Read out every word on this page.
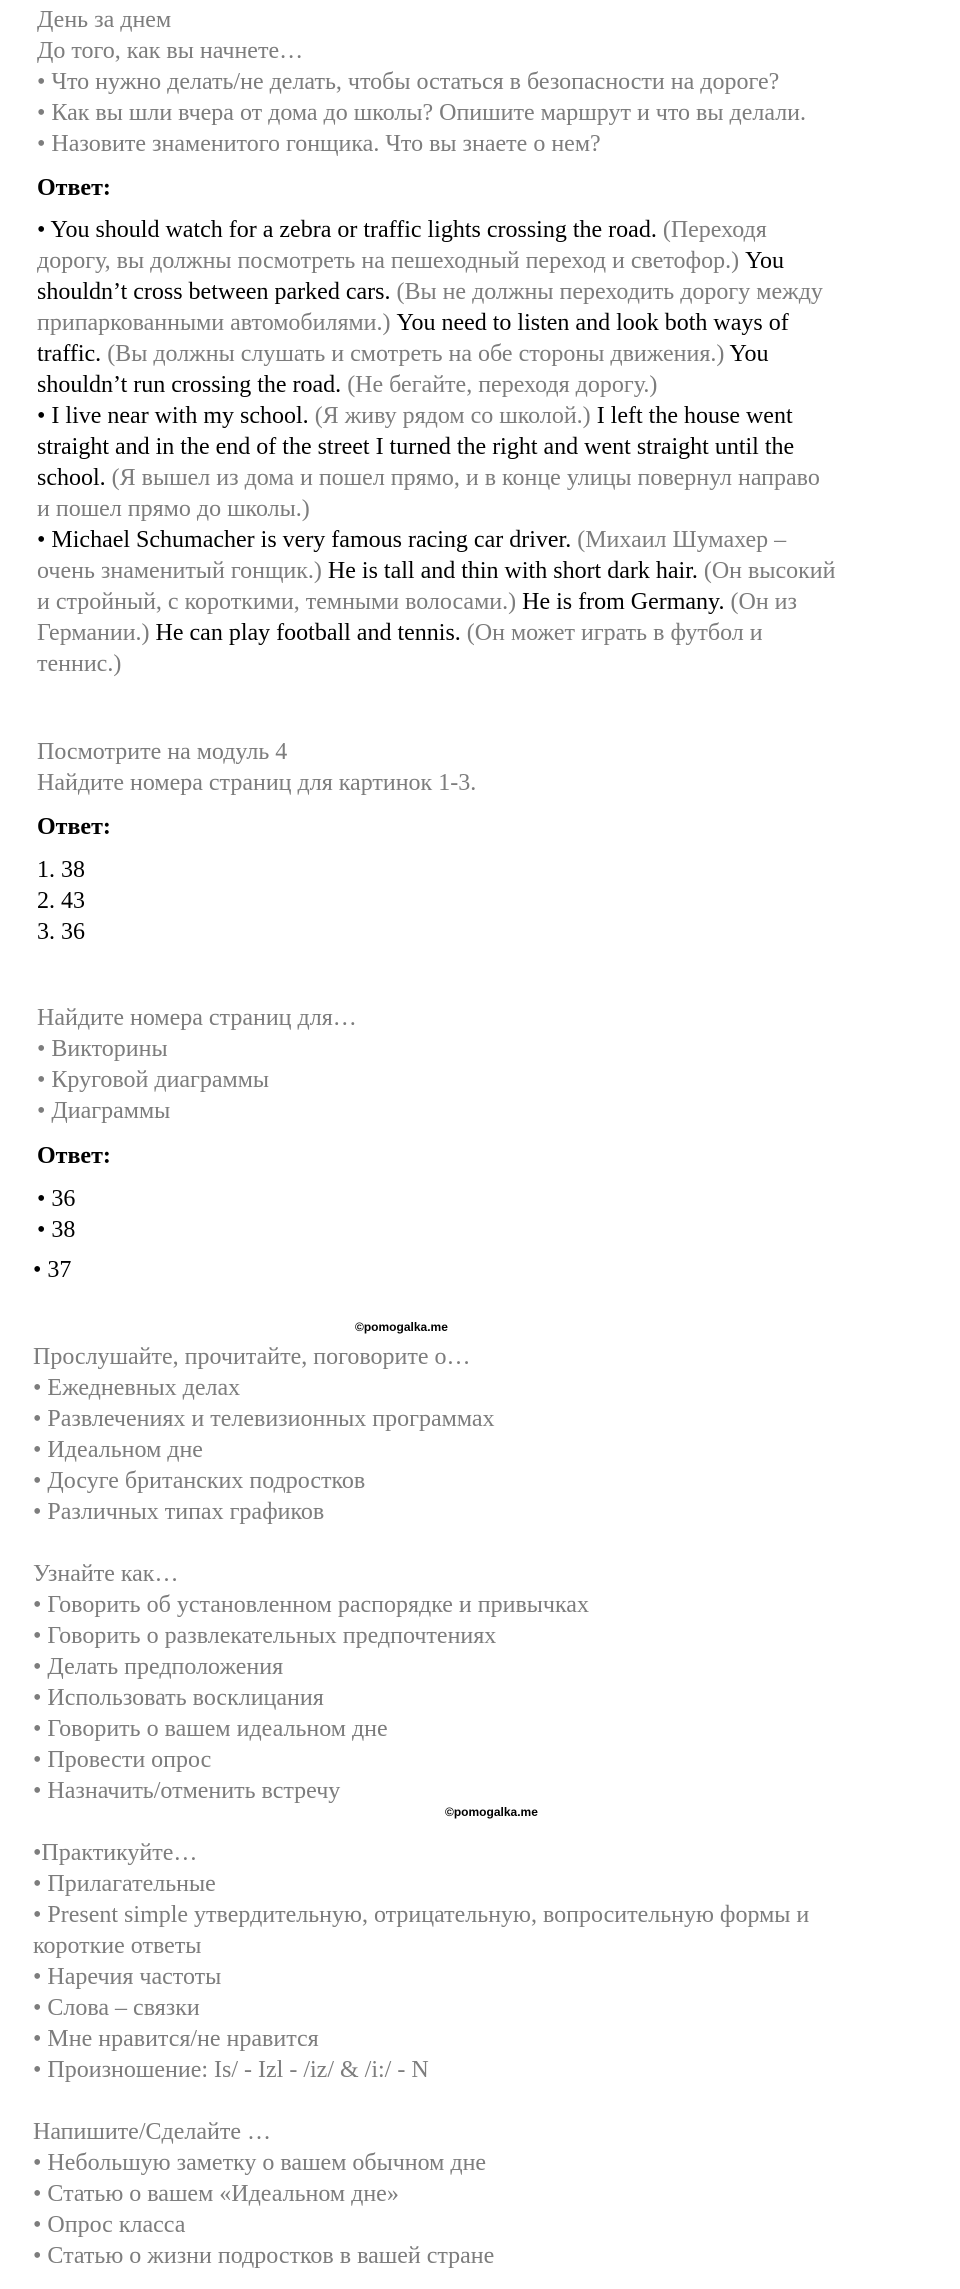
День за днем
До того, как вы начнете…
• Что нужно делать/не делать, чтобы остаться в безопасности на дороге?
• Как вы шли вчера от дома до школы? Опишите маршрут и что вы делали.
• Назовите знаменитого гонщика. Что вы знаете о нем?
Ответ:
• You should watch for a zebra or traffic lights crossing the road. (Переходя
дорогу, вы должны посмотреть на пешеходный переход и светофор.) You
shouldn’t cross between parked cars. (Вы не должны переходить дорогу между
припаркованными автомобилями.) You need to listen and look both ways of
traffic. (Вы должны слушать и смотреть на обе стороны движения.) You
shouldn’t run crossing the road. (Не бегайте, переходя дорогу.)
• I live near with my school. (Я живу рядом со школой.) I left the house went
straight and in the end of the street I turned the right and went straight until the
school. (Я вышел из дома и пошел прямо, и в конце улицы повернул направо
и пошел прямо до школы.)
• Michael Schumacher is very famous racing car driver. (Михаил Шумахер –
очень знаменитый гонщик.) He is tall and thin with short dark hair. (Он высокий
и стройный, с короткими, темными волосами.) He is from Germany. (Он из
Германии.) He can play football and tennis. (Он может играть в футбол и
теннис.)
Посмотрите на модуль 4
Найдите номера страниц для картинок 1-3.
Ответ:
1. 38
2. 43
3. 36
Найдите номера страниц для…
• Викторины
• Круговой диаграммы
• Диаграммы
Ответ:
• 36
• 38
• 37
©pomogalka.me
Прослушайте, прочитайте, поговорите о…
• Ежедневных делах
• Развлечениях и телевизионных программах
• Идеальном дне
• Досуге британских подростков
• Различных типах графиков
Узнайте как…
• Говорить об установленном распорядке и привычках
• Говорить о развлекательных предпочтениях
• Делать предположения
• Использовать восклицания
• Говорить о вашем идеальном дне
• Провести опрос
• Назначить/отменить встречу
©pomogalka.me
•Практикуйте…
• Прилагательные
• Present simple утвердительную, отрицательную, вопросительную формы и
короткие ответы
• Наречия частоты
• Слова – связки
• Мне нравится/не нравится
• Произношение: Is/ - Izl - /iz/ & /i:/ - N
Напишите/Сделайте …
• Небольшую заметку о вашем обычном дне
• Статью о вашем «Идеальном дне»
• Опрос класса
• Статью о жизни подростков в вашей стране
